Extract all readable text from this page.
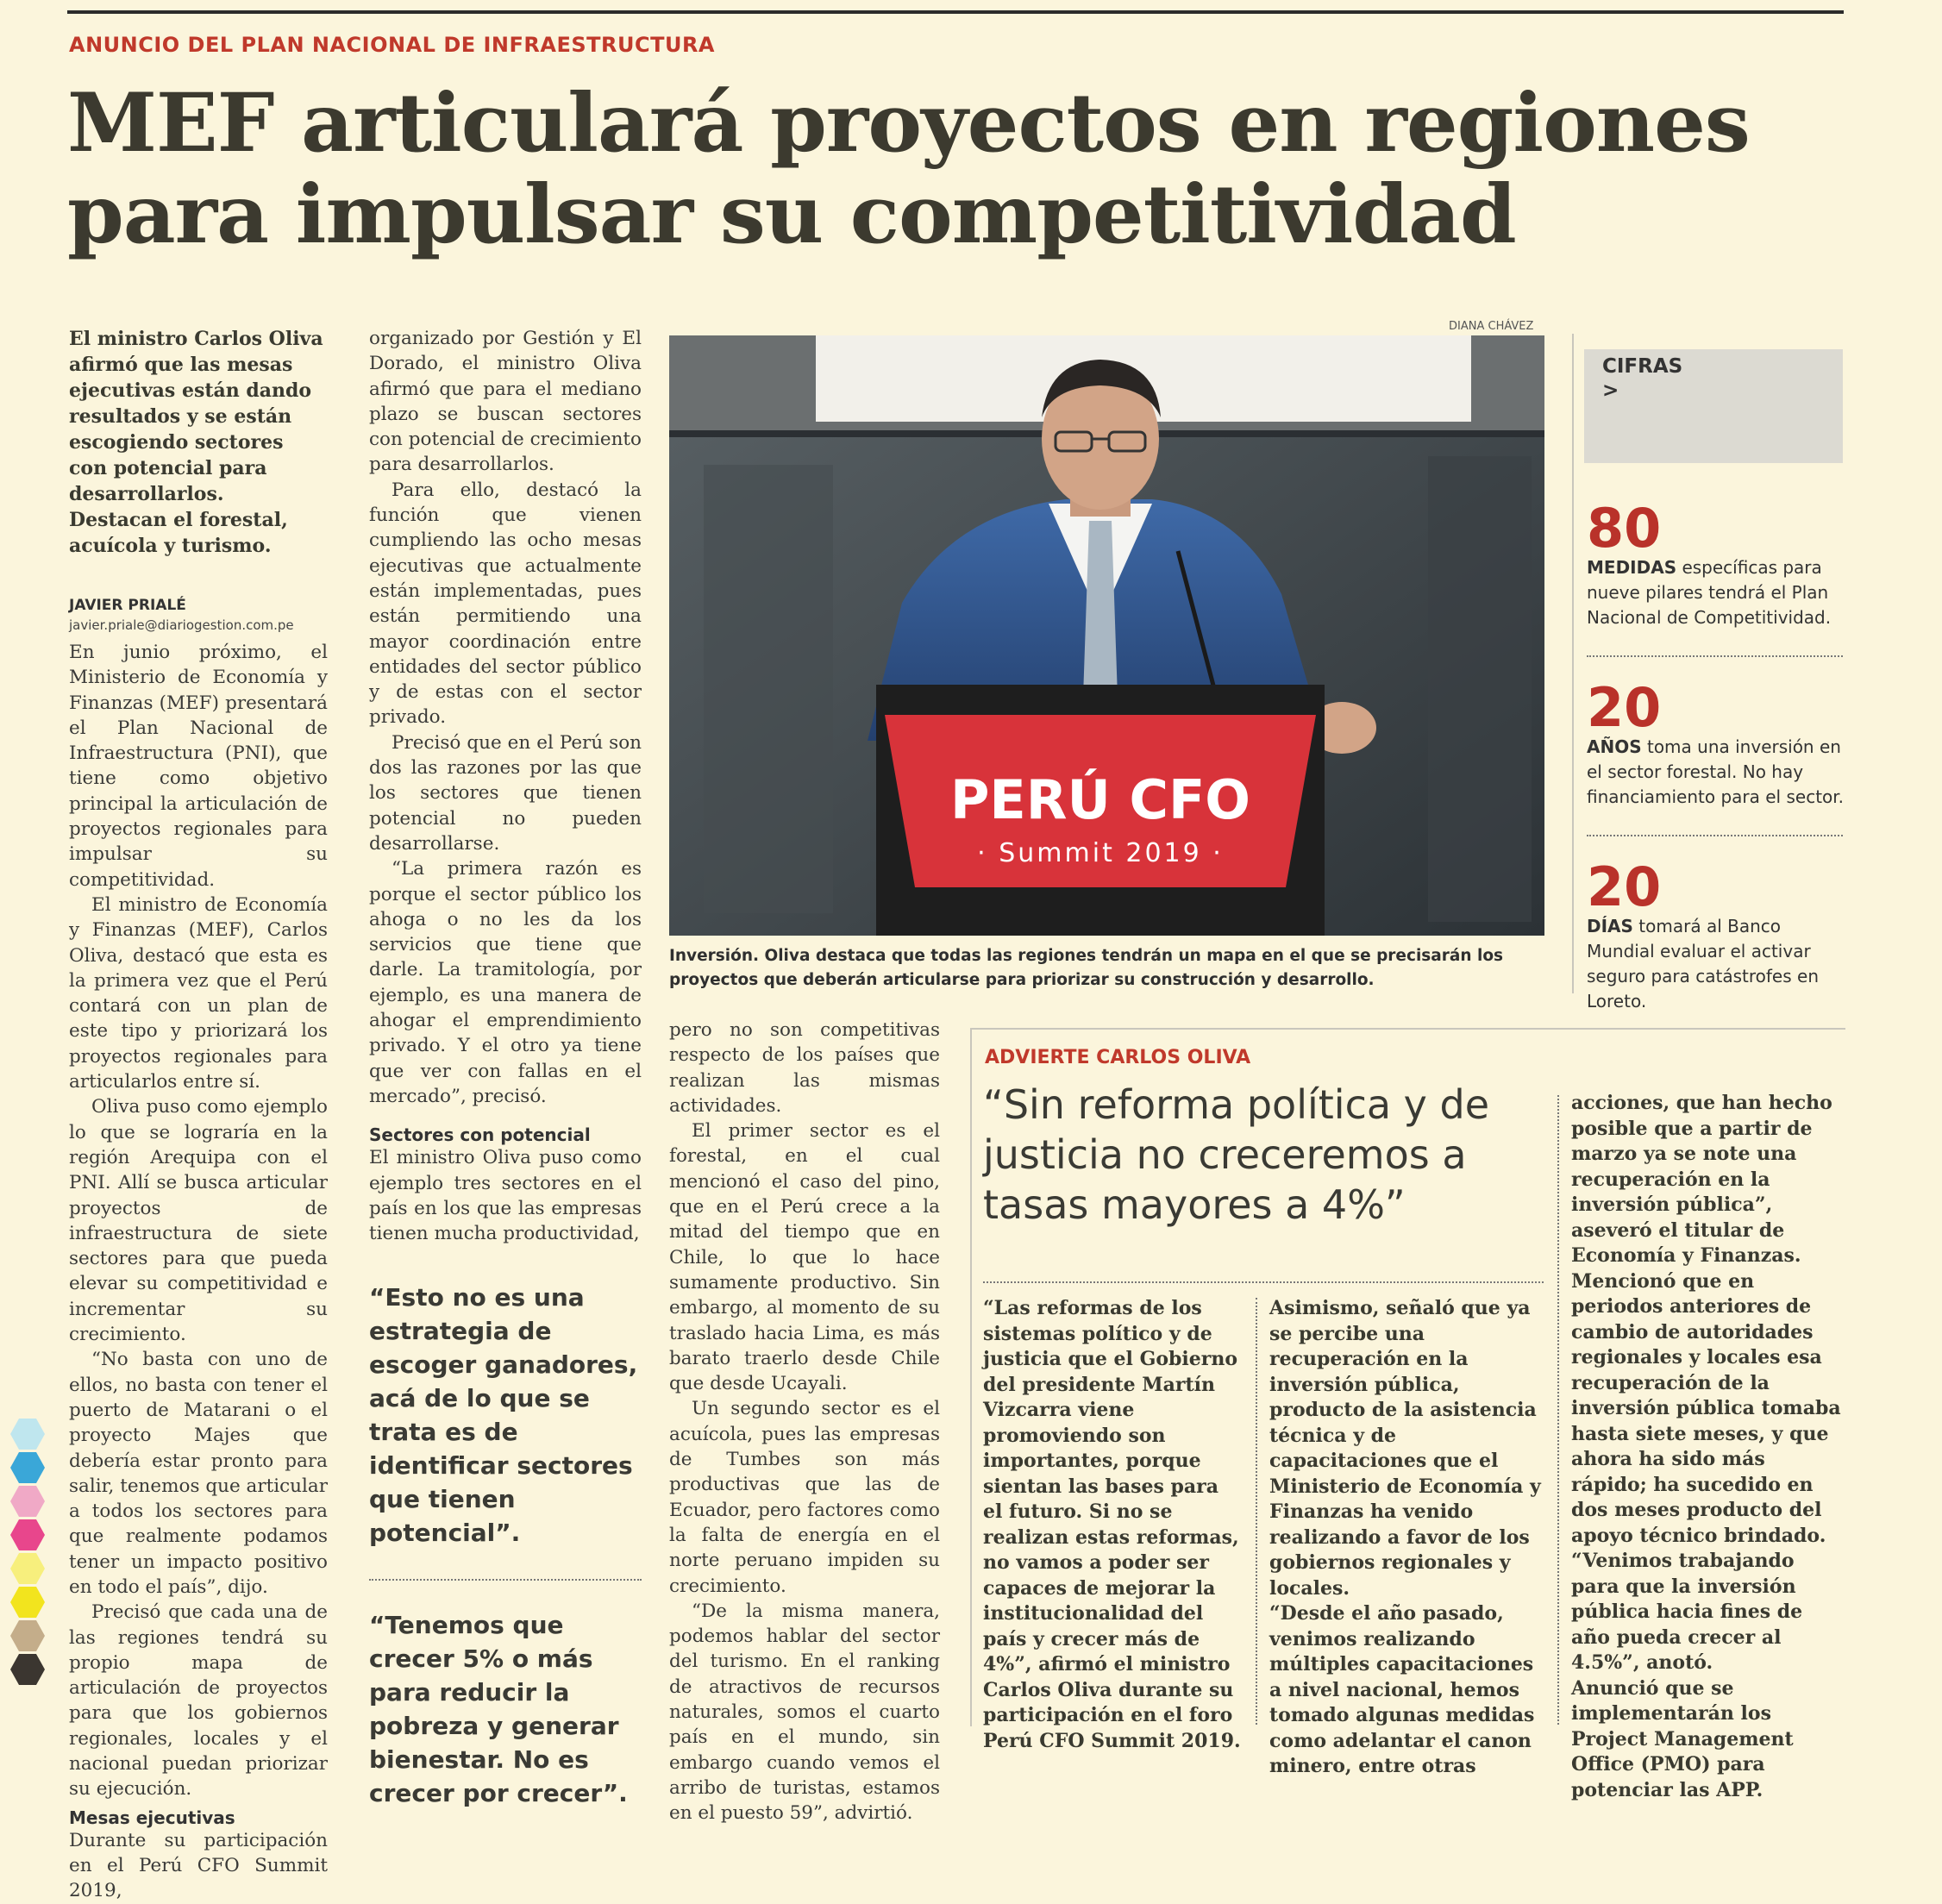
ANUNCIO DEL PLAN NACIONAL DE INFRAESTRUCTURA
MEF articulará proyectos en regiones
para impulsar su competitividad
El ministro Carlos Oliva afirmó que las mesas ejecutivas están dando resultados y se están escogiendo sectores con potencial para desarrollarlos. Destacan el forestal, acuícola y turismo.
JAVIER PRIALÉ
javier.priale@diariogestion.com.pe

En junio próximo, el Ministerio de Economía y Finanzas (MEF) presentará el Plan Nacional de Infraestructura (PNI), que tiene como objetivo principal la articulación de proyectos regionales para impulsar su competitividad.

El ministro de Economía y Finanzas (MEF), Carlos Oliva, destacó que esta es la primera vez que el Perú contará con un plan de este tipo y priorizará los proyectos regionales para articularlos entre sí.

Oliva puso como ejemplo lo que se lograría en la región Arequipa con el PNI. Allí se busca articular proyectos de infraestructura de siete sectores para que pueda elevar su competitividad e incrementar su crecimiento.

“No basta con uno de ellos, no basta con tener el puerto de Matarani o el proyecto Majes que debería estar pronto para salir, tenemos que articular a todos los sectores para que realmente podamos tener un impacto positivo en todo el país”, dijo.

Precisó que cada una de las regiones tendrá su propio mapa de articulación de proyectos para que los gobiernos regionales, locales y el nacional puedan priorizar su ejecución.

Mesas ejecutivas

Durante su participación en el Perú CFO Summit 2019,

organizado por Gestión y El Dorado, el ministro Oliva afirmó que para el mediano plazo se buscan sectores con potencial de crecimiento para desarrollarlos.

Para ello, destacó la función que vienen cumpliendo las ocho mesas ejecutivas que actualmente están implementadas, pues están permitiendo una mayor coordinación entre entidades del sector público y de estas con el sector privado.

Precisó que en el Perú son dos las razones por las que los sectores que tienen potencial no pueden desarrollarse.

“La primera razón es porque el sector público los ahoga o no les da los servicios que tiene que darle. La tramitología, por ejemplo, es una manera de ahogar el emprendimiento privado. Y el otro ya tiene que ver con fallas en el mercado”, precisó.

Sectores con potencial

El ministro Oliva puso como ejemplo tres sectores en el país en los que las empresas tienen mucha productividad,

“Esto no es una estrategia de escoger ganadores, acá de lo que se trata es de identificar sectores que tienen potencial”.
“Tenemos que crecer 5% o más para reducir la pobreza y generar bienestar. No es crecer por crecer”.

pero no son competitivas respecto de los países que realizan las mismas actividades.

El primer sector es el forestal, en el cual mencionó el caso del pino, que en el Perú crece a la mitad del tiempo que en Chile, lo que lo hace sumamente productivo. Sin embargo, al momento de su traslado hacia Lima, es más barato traerlo desde Chile que desde Ucayali.

Un segundo sector es el acuícola, pues las empresas de Tumbes son más productivas que las de Ecuador, pero factores como la falta de energía en el norte peruano impiden su crecimiento.

“De la misma manera, podemos hablar del sector del turismo. En el ranking de atractivos de recursos naturales, somos el cuarto país en el mundo, sin embargo cuando vemos el arribo de turistas, estamos en el puesto 59”, advirtió.

DIANA CHÁVEZ
PERÚ CFO
· Summit 2019 ·
Inversión. Oliva destaca que todas las regiones tendrán un mapa en el que se precisarán los proyectos que deberán articularse para priorizar su construcción y desarrollo.
CIFRAS
>
80
MEDIDAS específicas para nueve pilares tendrá el Plan Nacional de Competitividad.
20
AÑOS toma una inversión en el sector forestal. No hay financiamiento para el sector.
20
DÍAS tomará al Banco Mundial evaluar el activar seguro para catástrofes en Loreto.
ADVIERTE CARLOS OLIVA
“Sin reforma política y de justicia no creceremos a tasas mayores a 4%”
“Las reformas de los sistemas político y de justicia que el Gobierno del presidente Martín Vizcarra viene promoviendo son importantes, porque sientan las bases para el futuro. Si no se realizan estas reformas, no vamos a poder ser capaces de mejorar la institucionalidad del país y crecer más de 4%”, afirmó el ministro Carlos Oliva durante su participación en el foro Perú CFO Summit 2019.
Asimismo, señaló que ya se percibe una recuperación en la inversión pública, producto de la asistencia técnica y de capacitaciones que el Ministerio de Economía y Finanzas ha venido realizando a favor de los gobiernos regionales y locales.
“Desde el año pasado, venimos realizando múltiples capacitaciones a nivel nacional, hemos tomado algunas medidas como adelantar el canon minero, entre otras
acciones, que han hecho posible que a partir de marzo ya se note una recuperación en la inversión pública”, aseveró el titular de Economía y Finanzas.
Mencionó que en periodos anteriores de cambio de autoridades regionales y locales esa recuperación de la inversión pública tomaba hasta siete meses, y que ahora ha sido más rápido; ha sucedido en dos meses producto del apoyo técnico brindado. “Venimos trabajando para que la inversión pública hacia fines de año pueda crecer al 4.5%”, anotó.
Anunció que se implementarán los Project Management Office (PMO) para potenciar las APP.
